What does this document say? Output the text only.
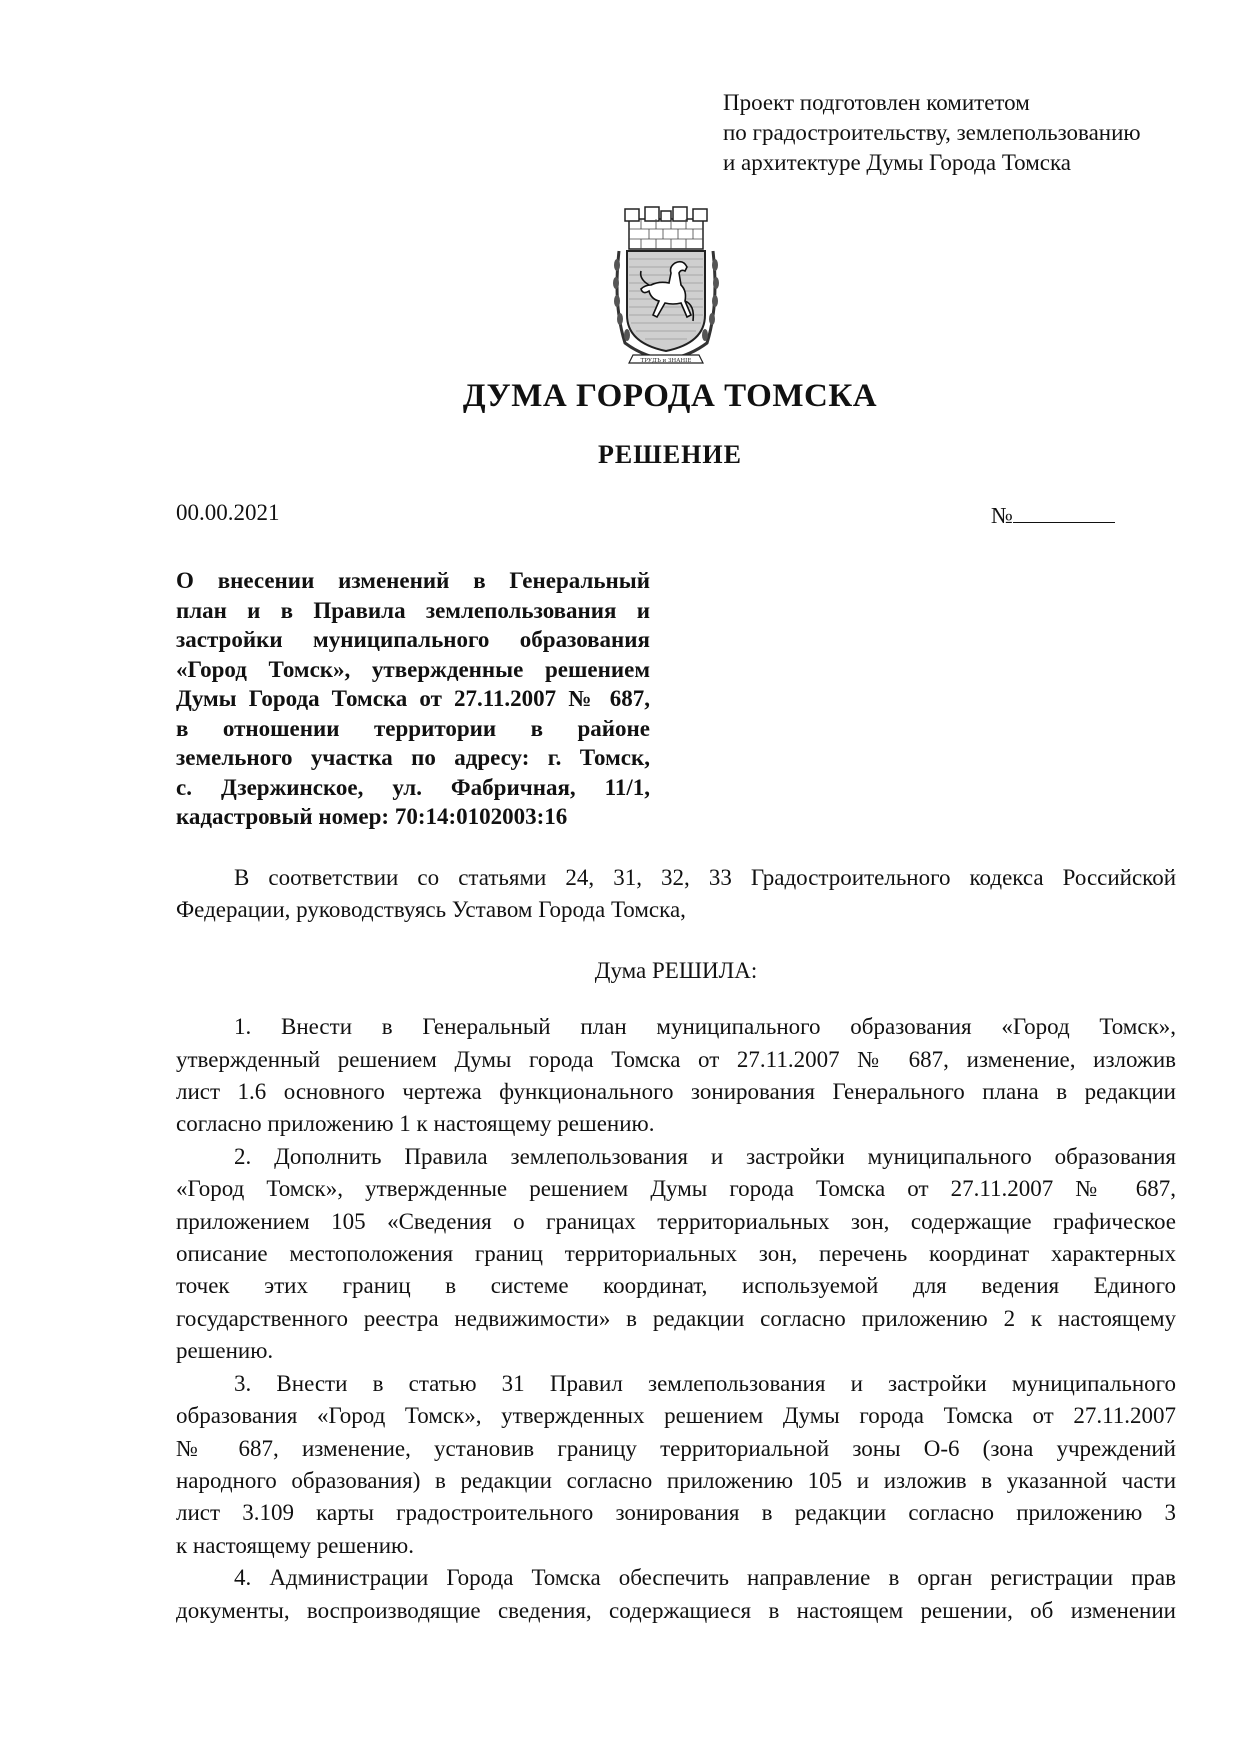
Проект подготовлен комитетом
по градостроительству, землепользованию
и архитектуре Думы Города Томска
ТРУДЪ и ЗНАНIЕ
ДУМА ГОРОДА ТОМСКА
РЕШЕНИЕ
00.00.2021	№
О внесении изменений в Генеральный
план и в Правила землепользования и
застройки муниципального образования
«Город Томск», утвержденные решением
Думы Города Томска от 27.11.2007 № 687,
в отношении территории в районе
земельного участка по адресу: г. Томск,
с. Дзержинское, ул. Фабричная, 11/1,
кадастровый номер: 70:14:0102003:16
В соответствии со статьями 24, 31, 32, 33 Градостроительного кодекса Российской
Федерации, руководствуясь Уставом Города Томска,
Дума РЕШИЛА:
1. Внести в Генеральный план муниципального образования «Город Томск»,
утвержденный решением Думы города Томска от 27.11.2007 № 687, изменение, изложив
лист 1.6 основного чертежа функционального зонирования Генерального плана в редакции
согласно приложению 1 к настоящему решению.
2. Дополнить Правила землепользования и застройки муниципального образования
«Город Томск», утвержденные решением Думы города Томска от 27.11.2007 № 687,
приложением 105 «Сведения о границах территориальных зон, содержащие графическое
описание местоположения границ территориальных зон, перечень координат характерных
точек этих границ в системе координат, используемой для ведения Единого
государственного реестра недвижимости» в редакции согласно приложению 2 к настоящему
решению.
3. Внести в статью 31 Правил землепользования и застройки муниципального
образования «Город Томск», утвержденных решением Думы города Томска от 27.11.2007
№ 687, изменение, установив границу территориальной зоны О-6 (зона учреждений
народного образования) в редакции согласно приложению 105 и изложив в указанной части
лист 3.109 карты градостроительного зонирования в редакции согласно приложению 3
к настоящему решению.
4. Администрации Города Томска обеспечить направление в орган регистрации прав
документы, воспроизводящие сведения, содержащиеся в настоящем решении, об изменении
